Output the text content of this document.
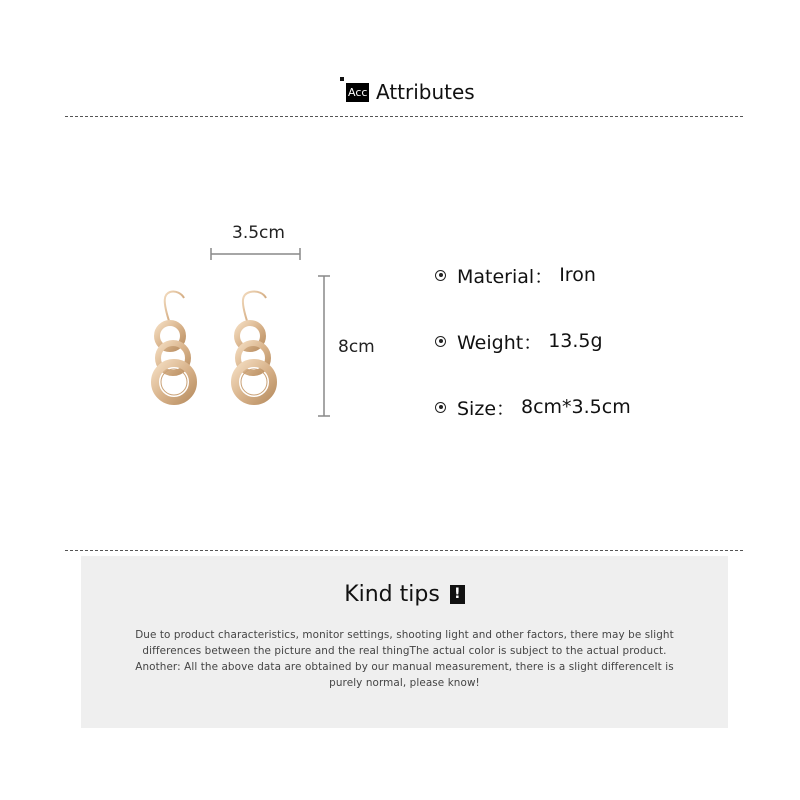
Acc Attributes
3.5cm
8cm
Material： Iron
Weight： 13.5g
Size： 8cm*3.5cm
Kind tips !
Due to product characteristics, monitor settings, shooting light and other factors, there may be slight differences between the picture and the real thingThe actual color is subject to the actual product. Another: All the above data are obtained by our manual measurement, there is a slight differenceIt is purely normal, please know!
